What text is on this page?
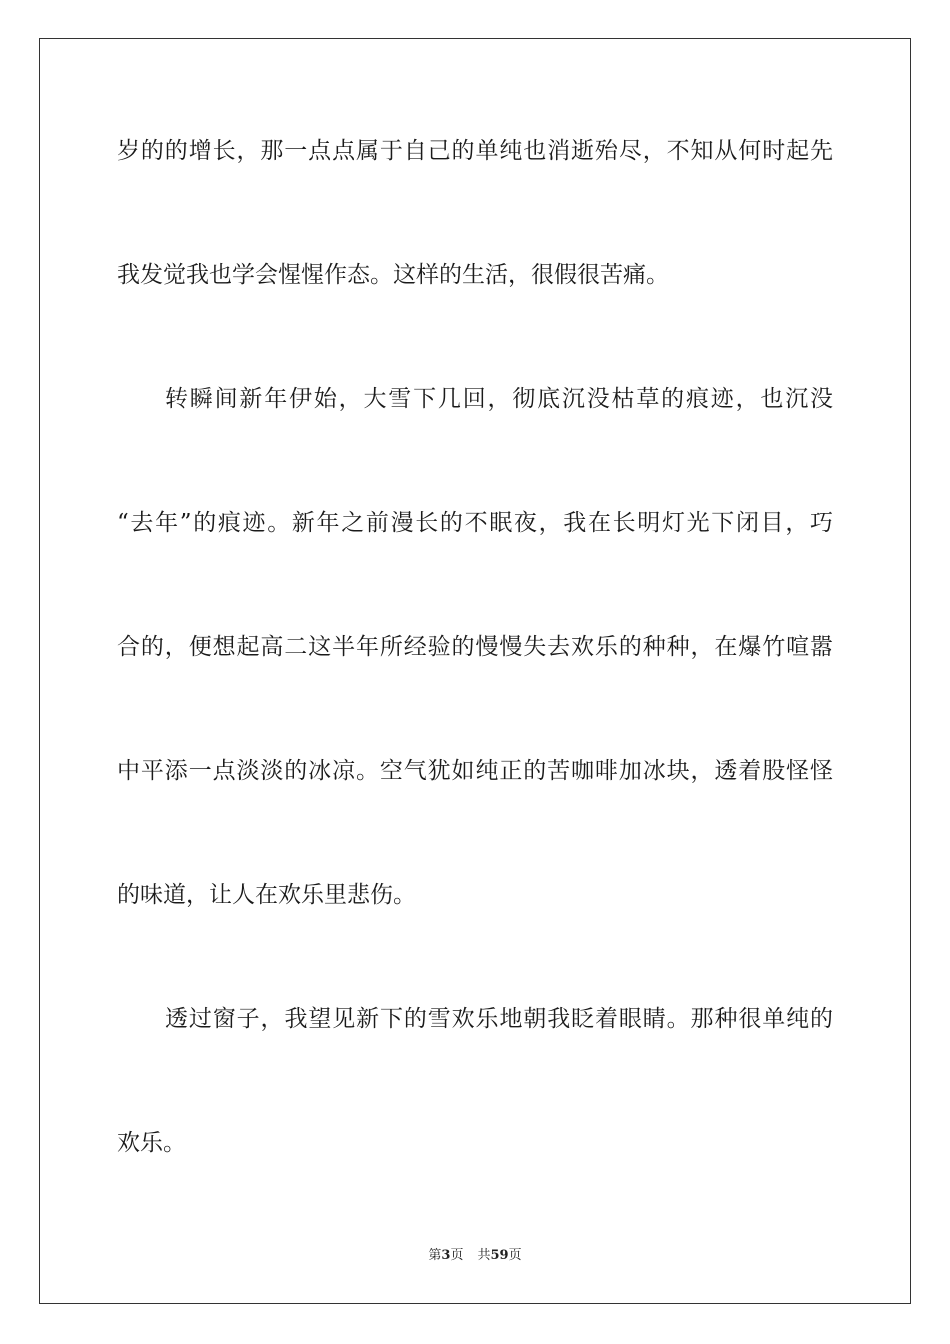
岁的的增长，那一点点属于自己的单纯也消逝殆尽，不知从何时起先
我发觉我也学会惺惺作态。这样的生活，很假很苦痛。
转瞬间新年伊始，大雪下几回，彻底沉没枯草的痕迹，也沉没
“去年”的痕迹。新年之前漫长的不眠夜，我在长明灯光下闭目，巧
合的，便想起高二这半年所经验的慢慢失去欢乐的种种，在爆竹喧嚣
中平添一点淡淡的冰凉。空气犹如纯正的苦咖啡加冰块，透着股怪怪
的味道，让人在欢乐里悲伤。
透过窗子，我望见新下的雪欢乐地朝我眨着眼睛。那种很单纯的
欢乐。
第3页 共59页
